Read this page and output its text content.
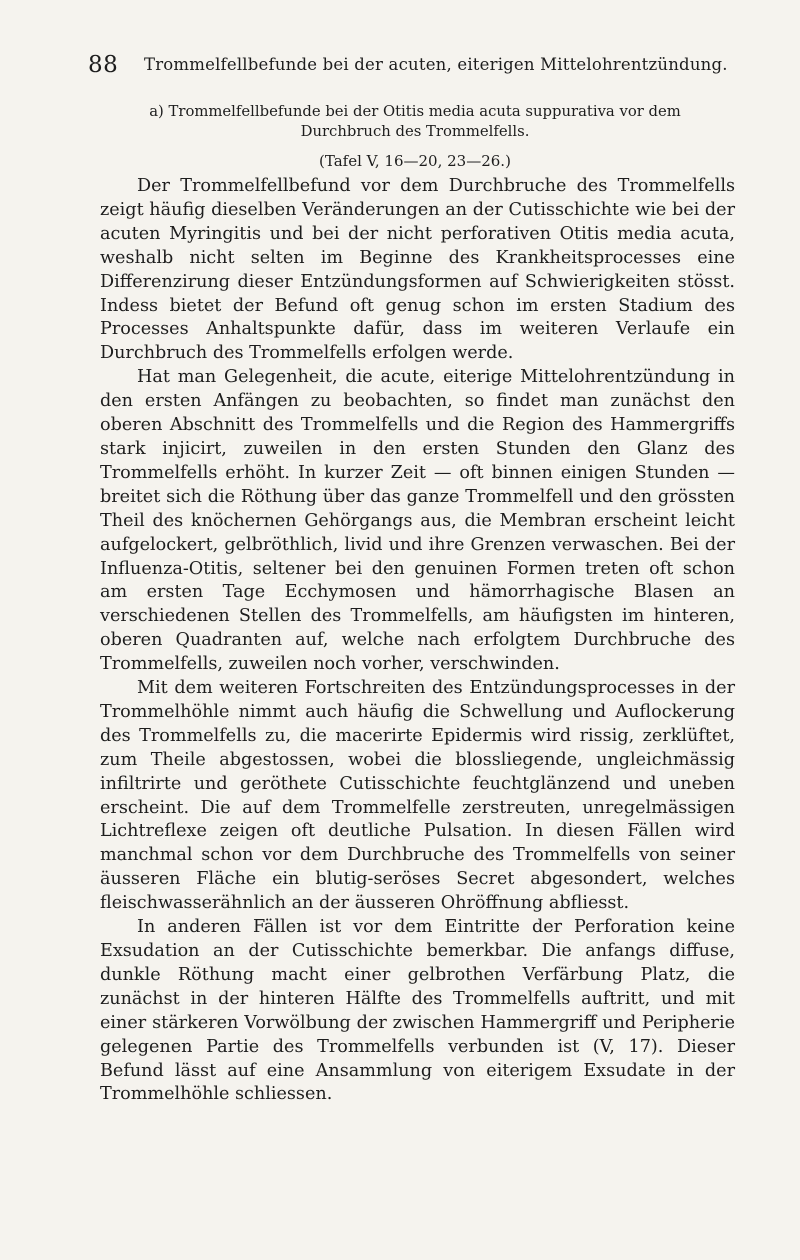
88 Trommelfellbefunde bei der acuten, eiterigen Mittelohrentzündung.

a) Trommelfellbefunde bei der Otitis media acuta suppurativa vor dem

Durchbruch des Trommelfells.

(Tafel V, 16—20, 23—26.)

Der Trommelfellbefund vor dem Durchbruche des Trommelfells zeigt häufig dieselben Veränderungen an der Cutisschichte wie bei der acuten Myringitis und bei der nicht perforativen Otitis media acuta, weshalb nicht selten im Beginne des Krankheitsprocesses eine Differenzirung dieser Entzündungsformen auf Schwierigkeiten stösst. Indess bietet der Befund oft genug schon im ersten Stadium des Processes Anhaltspunkte dafür, dass im weiteren Verlaufe ein Durchbruch des Trommelfells erfolgen werde.

Hat man Gelegenheit, die acute, eiterige Mittelohrentzündung in den ersten Anfängen zu beobachten, so findet man zunächst den oberen Abschnitt des Trommelfells und die Region des Hammergriffs stark injicirt, zuweilen in den ersten Stunden den Glanz des Trommelfells erhöht. In kurzer Zeit — oft binnen einigen Stunden — breitet sich die Röthung über das ganze Trommelfell und den grössten Theil des knöchernen Gehörgangs aus, die Membran erscheint leicht aufgelockert, gelbröthlich, livid und ihre Grenzen verwaschen. Bei der Influenza-Otitis, seltener bei den genuinen Formen treten oft schon am ersten Tage Ecchymosen und hämorrhagische Blasen an verschiedenen Stellen des Trommelfells, am häufigsten im hinteren, oberen Quadranten auf, welche nach erfolgtem Durchbruche des Trommelfells, zuweilen noch vorher, verschwinden.

Mit dem weiteren Fortschreiten des Entzündungsprocesses in der Trommelhöhle nimmt auch häufig die Schwellung und Auflockerung des Trommelfells zu, die macerirte Epidermis wird rissig, zerklüftet, zum Theile abgestossen, wobei die blossliegende, ungleichmässig infiltrirte und geröthete Cutisschichte feuchtglänzend und uneben erscheint. Die auf dem Trommelfelle zerstreuten, unregelmässigen Lichtreflexe zeigen oft deutliche Pulsation. In diesen Fällen wird manchmal schon vor dem Durchbruche des Trommelfells von seiner äusseren Fläche ein blutig-seröses Secret abgesondert, welches fleischwasserähnlich an der äusseren Ohröffnung abfliesst.

In anderen Fällen ist vor dem Eintritte der Perforation keine Exsudation an der Cutisschichte bemerkbar. Die anfangs diffuse, dunkle Röthung macht einer gelbrothen Verfärbung Platz, die zunächst in der hinteren Hälfte des Trommelfells auftritt, und mit einer stärkeren Vorwölbung der zwischen Hammergriff und Peripherie gelegenen Partie des Trommelfells verbunden ist (V, 17). Dieser Befund lässt auf eine Ansammlung von eiterigem Exsudate in der Trommelhöhle schliessen.
